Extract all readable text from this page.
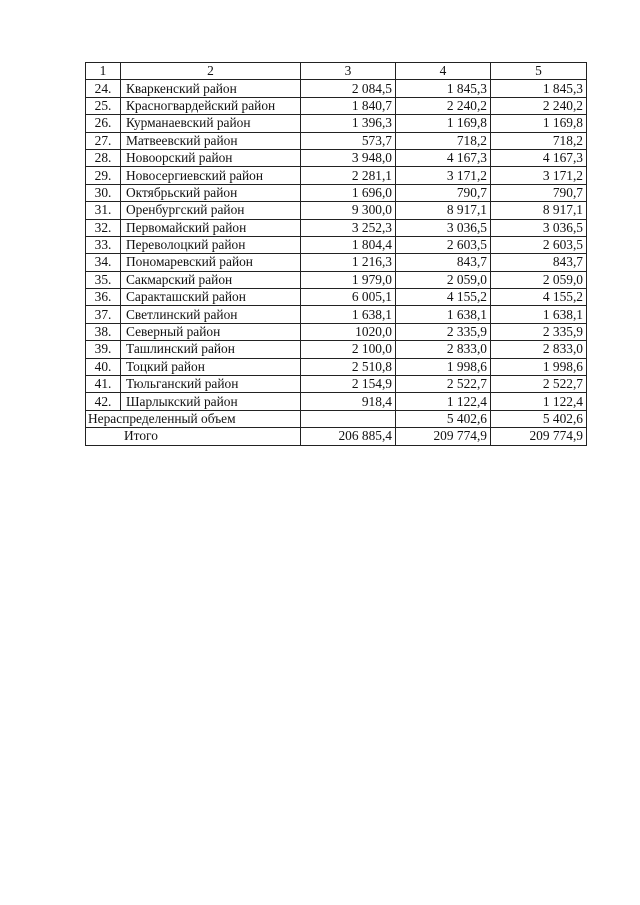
1	2	3	4	5
24.	Кваркенский район	2 084,5	1 845,3	1 845,3
25.	Красногвардейский район	1 840,7	2 240,2	2 240,2
26.	Курманаевский район	1 396,3	1 169,8	1 169,8
27.	Матвеевский район	573,7	718,2	718,2
28.	Новоорский район	3 948,0	4 167,3	4 167,3
29.	Новосергиевский район	2 281,1	3 171,2	3 171,2
30.	Октябрьский район	1 696,0	790,7	790,7
31.	Оренбургский район	9 300,0	8 917,1	8 917,1
32.	Первомайский район	3 252,3	3 036,5	3 036,5
33.	Переволоцкий район	1 804,4	2 603,5	2 603,5
34.	Пономаревский район	1 216,3	843,7	843,7
35.	Сакмарский район	1 979,0	2 059,0	2 059,0
36.	Саракташский район	6 005,1	4 155,2	4 155,2
37.	Светлинский район	1 638,1	1 638,1	1 638,1
38.	Северный район	1020,0	2 335,9	2 335,9
39.	Ташлинский район	2 100,0	2 833,0	2 833,0
40.	Тоцкий район	2 510,8	1 998,6	1 998,6
41.	Тюльганский район	2 154,9	2 522,7	2 522,7
42.	Шарлыкский район	918,4	1 122,4	1 122,4
Нераспределенный объем			5 402,6	5 402,6
Итого		206 885,4	209 774,9	209 774,9
